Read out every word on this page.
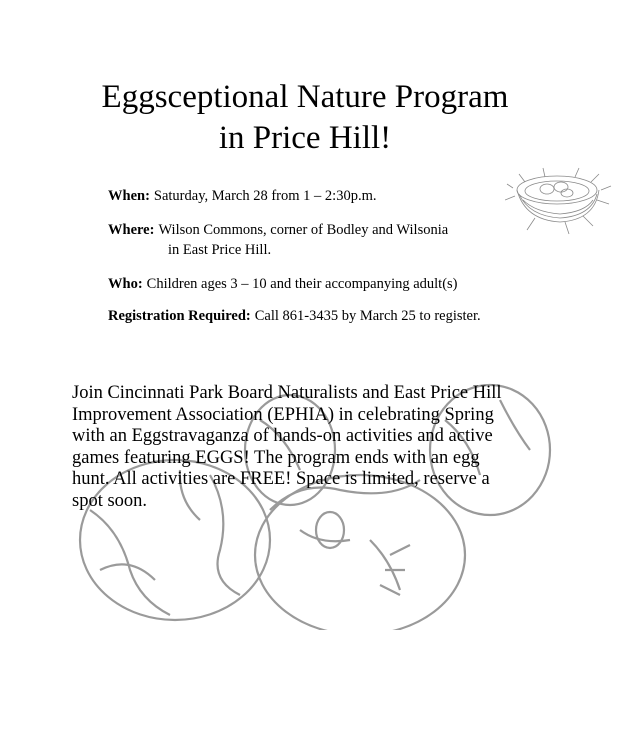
Eggsceptional Nature Program
in Price Hill!
When: Saturday, March 28 from 1 – 2:30p.m.
Where: Wilson Commons, corner of Bodley and Wilsonia
in East Price Hill.
Who: Children ages 3 – 10 and their accompanying adult(s)
Registration Required: Call 861-3435 by March 25 to register.
Join Cincinnati Park Board Naturalists and East Price Hill
Improvement Association (EPHIA) in celebrating Spring
with an Eggstravaganza of hands-on activities and active
games featuring EGGS! The program ends with an egg
hunt. All activities are FREE! Space is limited, reserve a
spot soon.
